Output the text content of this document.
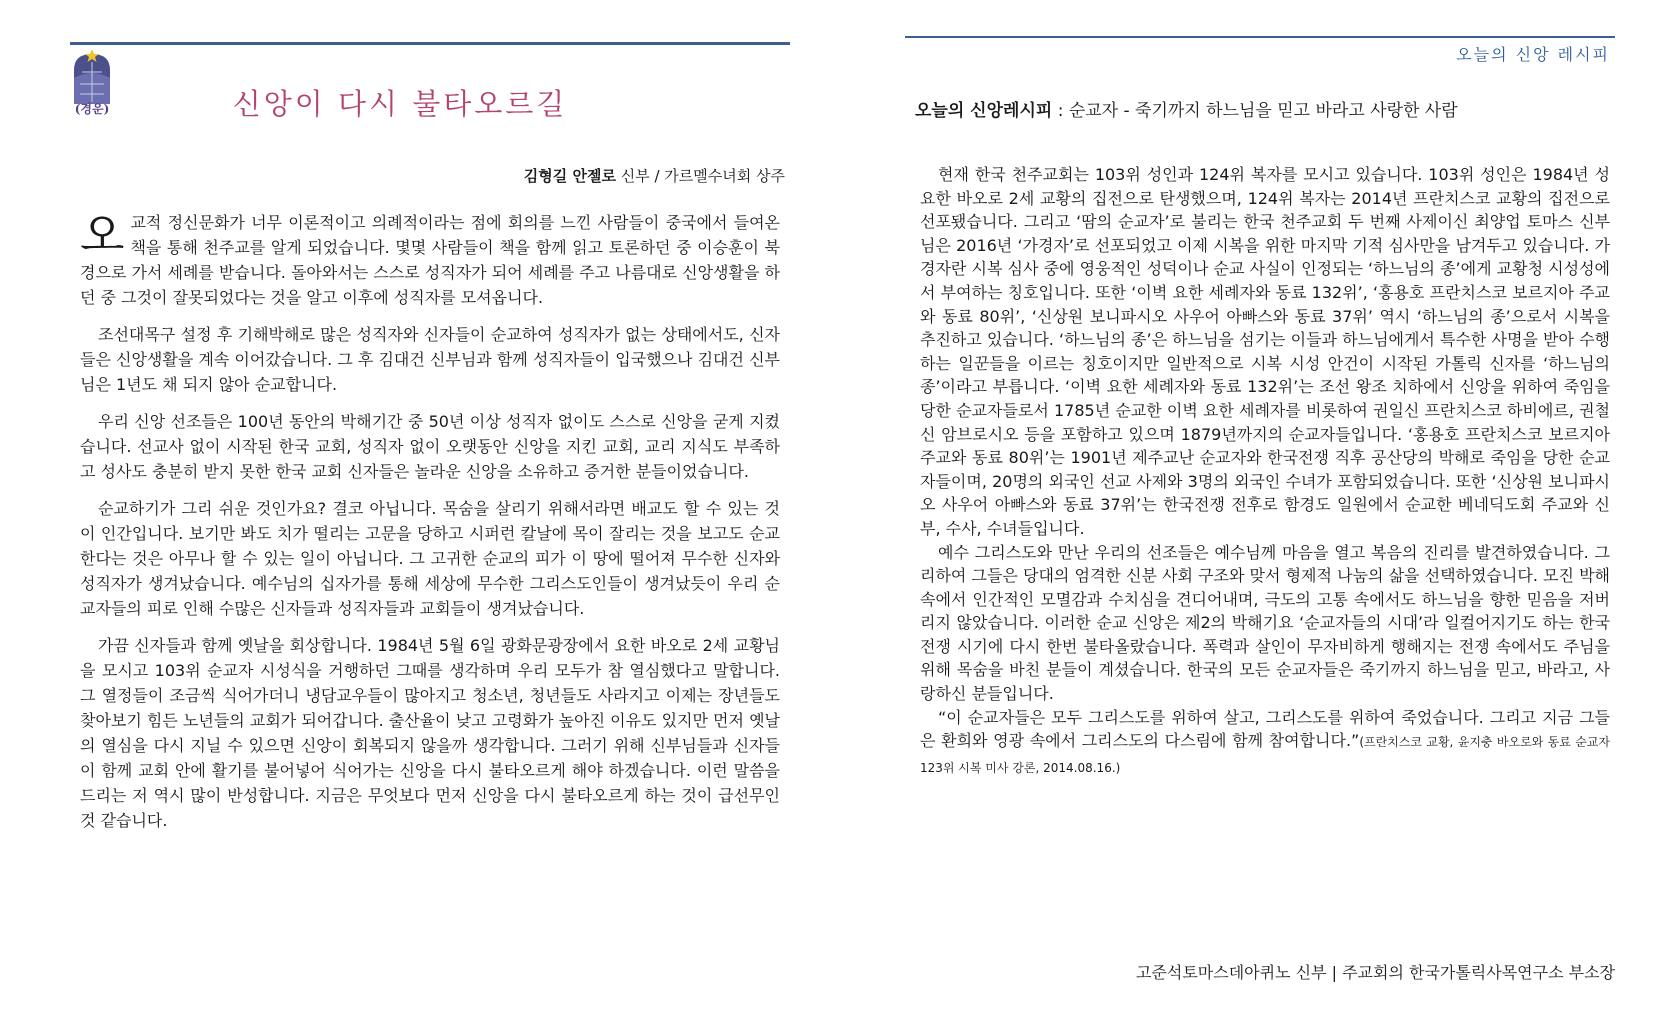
(경운)	신앙이 다시 불타오르길
김형길 안젤로 신부 / 가르멜수녀회 상주

오교적 정신문화가 너무 이론적이고 의례적이라는 점에 회의를 느낀 사람들이 중국에서 들여온 책을 통해 천주교를 알게 되었습니다. 몇몇 사람들이 책을 함께 읽고 토론하던 중 이승훈이 북경으로 가서 세례를 받습니다. 돌아와서는 스스로 성직자가 되어 세례를 주고 나름대로 신앙생활을 하던 중 그것이 잘못되었다는 것을 알고 이후에 성직자를 모셔옵니다.

조선대목구 설정 후 기해박해로 많은 성직자와 신자들이 순교하여 성직자가 없는 상태에서도, 신자들은 신앙생활을 계속 이어갔습니다. 그 후 김대건 신부님과 함께 성직자들이 입국했으나 김대건 신부님은 1년도 채 되지 않아 순교합니다.

우리 신앙 선조들은 100년 동안의 박해기간 중 50년 이상 성직자 없이도 스스로 신앙을 굳게 지켰습니다. 선교사 없이 시작된 한국 교회, 성직자 없이 오랫동안 신앙을 지킨 교회, 교리 지식도 부족하고 성사도 충분히 받지 못한 한국 교회 신자들은 놀라운 신앙을 소유하고 증거한 분들이었습니다.

순교하기가 그리 쉬운 것인가요? 결코 아닙니다. 목숨을 살리기 위해서라면 배교도 할 수 있는 것이 인간입니다. 보기만 봐도 치가 떨리는 고문을 당하고 시퍼런 칼날에 목이 잘리는 것을 보고도 순교한다는 것은 아무나 할 수 있는 일이 아닙니다. 그 고귀한 순교의 피가 이 땅에 떨어져 무수한 신자와 성직자가 생겨났습니다. 예수님의 십자가를 통해 세상에 무수한 그리스도인들이 생겨났듯이 우리 순교자들의 피로 인해 수많은 신자들과 성직자들과 교회들이 생겨났습니다.

가끔 신자들과 함께 옛날을 회상합니다. 1984년 5월 6일 광화문광장에서 요한 바오로 2세 교황님을 모시고 103위 순교자 시성식을 거행하던 그때를 생각하며 우리 모두가 참 열심했다고 말합니다. 그 열정들이 조금씩 식어가더니 냉담교우들이 많아지고 청소년, 청년들도 사라지고 이제는 장년들도 찾아보기 힘든 노년들의 교회가 되어갑니다. 출산율이 낮고 고령화가 높아진 이유도 있지만 먼저 옛날의 열심을 다시 지닐 수 있으면 신앙이 회복되지 않을까 생각합니다. 그러기 위해 신부님들과 신자들이 함께 교회 안에 활기를 불어넣어 식어가는 신앙을 다시 불타오르게 해야 하겠습니다. 이런 말씀을 드리는 저 역시 많이 반성합니다. 지금은 무엇보다 먼저 신앙을 다시 불타오르게 하는 것이 급선무인 것 같습니다.

오늘의 신앙 레시피
오늘의 신앙레시피 : 순교자 - 죽기까지 하느님을 믿고 바라고 사랑한 사람

현재 한국 천주교회는 103위 성인과 124위 복자를 모시고 있습니다. 103위 성인은 1984년 성 요한 바오로 2세 교황의 집전으로 탄생했으며, 124위 복자는 2014년 프란치스코 교황의 집전으로 선포됐습니다. 그리고 ‘땀의 순교자’로 불리는 한국 천주교회 두 번째 사제이신 최양업 토마스 신부님은 2016년 ‘가경자’로 선포되었고 이제 시복을 위한 마지막 기적 심사만을 남겨두고 있습니다. 가경자란 시복 심사 중에 영웅적인 성덕이나 순교 사실이 인정되는 ‘하느님의 종’에게 교황청 시성성에서 부여하는 칭호입니다. 또한 ‘이벽 요한 세례자와 동료 132위’, ‘홍용호 프란치스코 보르지아 주교와 동료 80위’, ‘신상원 보니파시오 사우어 아빠스와 동료 37위’ 역시 ‘하느님의 종’으로서 시복을 추진하고 있습니다. ‘하느님의 종’은 하느님을 섬기는 이들과 하느님에게서 특수한 사명을 받아 수행하는 일꾼들을 이르는 칭호이지만 일반적으로 시복 시성 안건이 시작된 가톨릭 신자를 ‘하느님의 종’이라고 부릅니다. ‘이벽 요한 세례자와 동료 132위’는 조선 왕조 치하에서 신앙을 위하여 죽임을 당한 순교자들로서 1785년 순교한 이벽 요한 세례자를 비롯하여 권일신 프란치스코 하비에르, 권철신 암브로시오 등을 포함하고 있으며 1879년까지의 순교자들입니다. ‘홍용호 프란치스코 보르지아 주교와 동료 80위’는 1901년 제주교난 순교자와 한국전쟁 직후 공산당의 박해로 죽임을 당한 순교자들이며, 20명의 외국인 선교 사제와 3명의 외국인 수녀가 포함되었습니다. 또한 ‘신상원 보니파시오 사우어 아빠스와 동료 37위’는 한국전쟁 전후로 함경도 일원에서 순교한 베네딕도회 주교와 신부, 수사, 수녀들입니다.

예수 그리스도와 만난 우리의 선조들은 예수님께 마음을 열고 복음의 진리를 발견하였습니다. 그리하여 그들은 당대의 엄격한 신분 사회 구조와 맞서 형제적 나눔의 삶을 선택하였습니다. 모진 박해 속에서 인간적인 모멸감과 수치심을 견디어내며, 극도의 고통 속에서도 하느님을 향한 믿음을 저버리지 않았습니다. 이러한 순교 신앙은 제2의 박해기요 ‘순교자들의 시대’라 일컬어지기도 하는 한국전쟁 시기에 다시 한번 불타올랐습니다. 폭력과 살인이 무자비하게 행해지는 전쟁 속에서도 주님을 위해 목숨을 바친 분들이 계셨습니다. 한국의 모든 순교자들은 죽기까지 하느님을 믿고, 바라고, 사랑하신 분들입니다.

“이 순교자들은 모두 그리스도를 위하여 살고, 그리스도를 위하여 죽었습니다. 그리고 지금 그들은 환희와 영광 속에서 그리스도의 다스림에 함께 참여합니다.”(프란치스코 교황, 윤지충 바오로와 동료 순교자 123위 시복 미사 강론, 2014.08.16.)

고준석토마스데아퀴노 신부 | 주교회의 한국가톨릭사목연구소 부소장
